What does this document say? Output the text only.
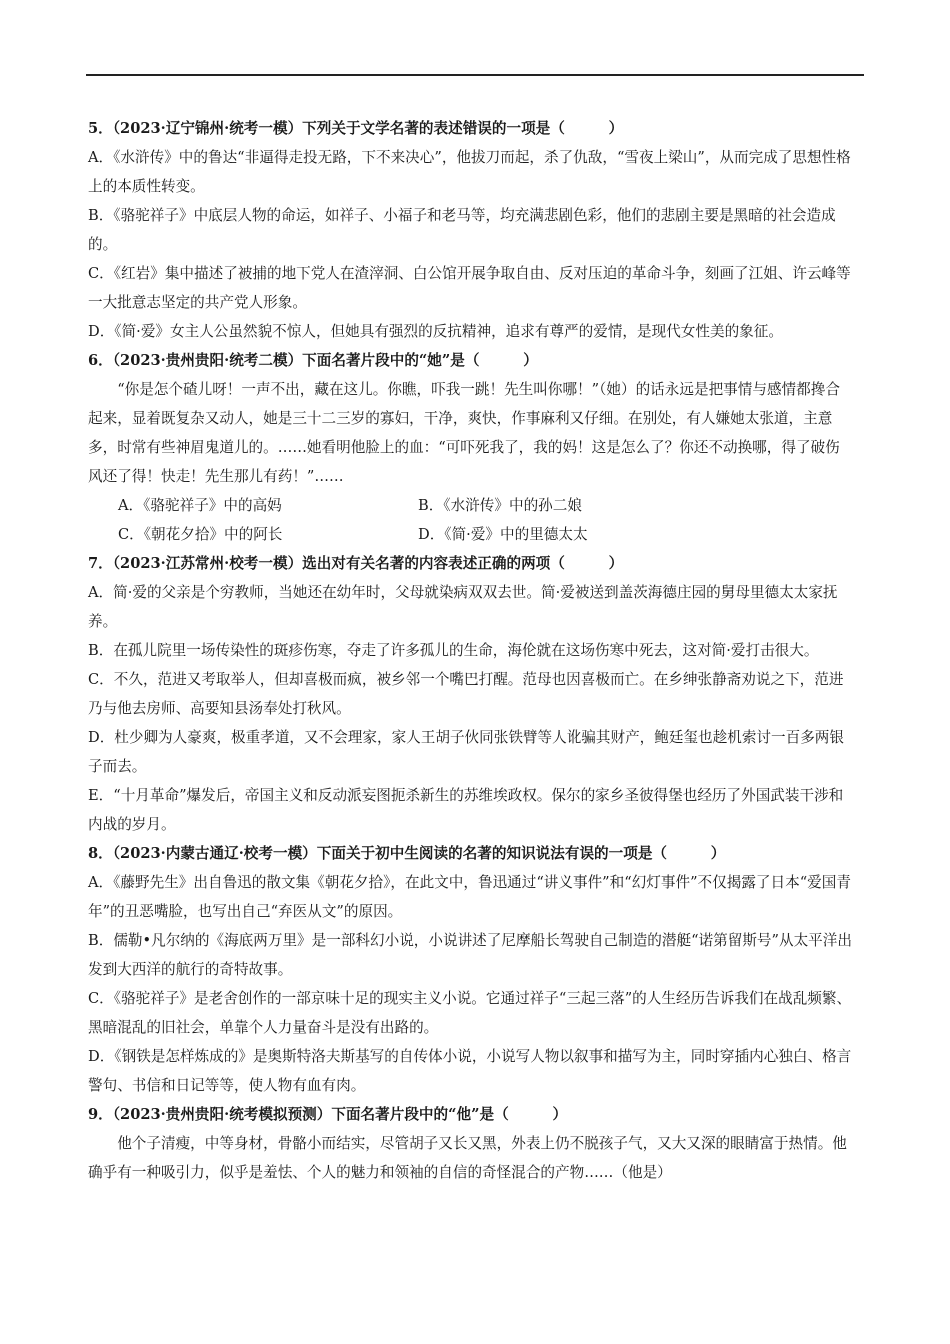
5．（2023·辽宁锦州·统考一模）下列关于文学名著的表述错误的一项是（　　　）

A．《水浒传》中的鲁达“非逼得走投无路，下不来决心”，他拔刀而起，杀了仇敌，“雪夜上梁山”，从而完成了思想性格上的本质性转变。

B．《骆驼祥子》中底层人物的命运，如祥子、小福子和老马等，均充满悲剧色彩，他们的悲剧主要是黑暗的社会造成的。

C．《红岩》集中描述了被捕的地下党人在渣滓洞、白公馆开展争取自由、反对压迫的革命斗争，刻画了江姐、许云峰等一大批意志坚定的共产党人形象。

D．《简·爱》女主人公虽然貌不惊人，但她具有强烈的反抗精神，追求有尊严的爱情，是现代女性美的象征。

6．（2023·贵州贵阳·统考二模）下面名著片段中的“她”是（　　　）

“你是怎个碴儿呀！一声不出，藏在这儿。你瞧，吓我一跳！先生叫你哪！”（她）的话永远是把事情与感情都搀合起来，显着既复杂又动人，她是三十二三岁的寡妇，干净，爽快，作事麻利又仔细。在别处，有人嫌她太张道，主意多，时常有些神眉鬼道儿的。……她看明他脸上的血：“可吓死我了，我的妈！这是怎么了？你还不动换哪，得了破伤风还了得！快走！先生那儿有药！”……

A．《骆驼祥子》中的高妈	B．《水浒传》中的孙二娘
C．《朝花夕拾》中的阿长	D．《简·爱》中的里德太太

7．（2023·江苏常州·校考一模）选出对有关名著的内容表述正确的两项（　　　）

A．简·爱的父亲是个穷教师，当她还在幼年时，父母就染病双双去世。简·爱被送到盖茨海德庄园的舅母里德太太家抚养。

B．在孤儿院里一场传染性的斑疹伤寒，夺走了许多孤儿的生命，海伦就在这场伤寒中死去，这对简·爱打击很大。

C．不久，范进又考取举人，但却喜极而疯，被乡邻一个嘴巴打醒。范母也因喜极而亡。在乡绅张静斋劝说之下，范进乃与他去房师、高要知县汤奉处打秋风。

D．杜少卿为人豪爽，极重孝道，又不会理家，家人王胡子伙同张铁臂等人讹骗其财产，鲍廷玺也趁机索讨一百多两银子而去。

E．“十月革命”爆发后，帝国主义和反动派妄图扼杀新生的苏维埃政权。保尔的家乡圣彼得堡也经历了外国武装干涉和内战的岁月。

8．（2023·内蒙古通辽·校考一模）下面关于初中生阅读的名著的知识说法有误的一项是（　　　）

A．《藤野先生》出自鲁迅的散文集《朝花夕拾》，在此文中，鲁迅通过“讲义事件”和“幻灯事件”不仅揭露了日本“爱国青年”的丑恶嘴脸，也写出自己“弃医从文”的原因。

B．儒勒•凡尔纳的《海底两万里》是一部科幻小说，小说讲述了尼摩船长驾驶自己制造的潜艇“诺第留斯号”从太平洋出发到大西洋的航行的奇特故事。

C．《骆驼祥子》是老舍创作的一部京味十足的现实主义小说。它通过祥子“三起三落”的人生经历告诉我们在战乱频繁、黑暗混乱的旧社会，单靠个人力量奋斗是没有出路的。

D．《钢铁是怎样炼成的》是奥斯特洛夫斯基写的自传体小说，小说写人物以叙事和描写为主，同时穿插内心独白、格言警句、书信和日记等等，使人物有血有肉。

9．（2023·贵州贵阳·统考模拟预测）下面名著片段中的“他”是（　　　）

他个子清瘦，中等身材，骨骼小而结实，尽管胡子又长又黑，外表上仍不脱孩子气，又大又深的眼睛富于热情。他确乎有一种吸引力，似乎是羞怯、个人的魅力和领袖的自信的奇怪混合的产物……（他是）
